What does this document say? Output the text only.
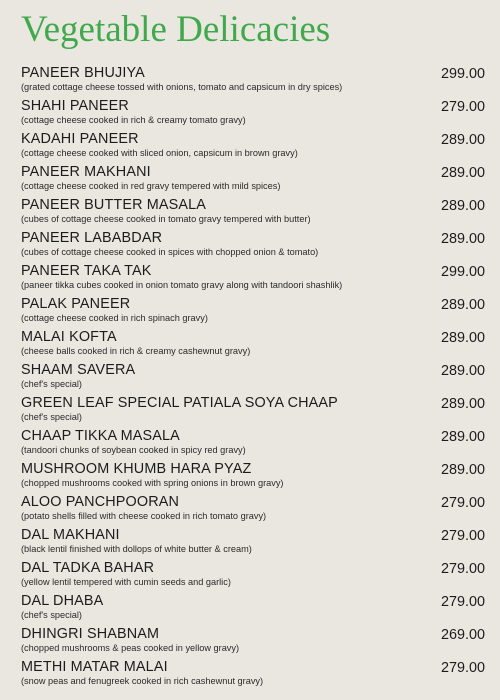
Vegetable Delicacies
PANEER BHUJIYA
(grated cottage cheese tossed with onions, tomato and capsicum in dry spices)
299.00
SHAHI PANEER
(cottage cheese cooked in rich & creamy tomato gravy)
279.00
KADAHI PANEER
(cottage cheese cooked with sliced onion, capsicum in brown gravy)
289.00
PANEER MAKHANI
(cottage cheese cooked in red gravy tempered with mild spices)
289.00
PANEER BUTTER MASALA
(cubes of cottage cheese cooked in tomato gravy tempered with butter)
289.00
PANEER LABABDAR
(cubes of cottage cheese cooked in spices with chopped onion & tomato)
289.00
PANEER TAKA TAK
(paneer tikka cubes cooked in onion tomato gravy along with tandoori shashlik)
299.00
PALAK PANEER
(cottage cheese cooked in rich spinach gravy)
289.00
MALAI KOFTA
(cheese balls cooked in rich & creamy cashewnut gravy)
289.00
SHAAM SAVERA
(chef's special)
289.00
GREEN LEAF SPECIAL PATIALA SOYA CHAAP
(chef's special)
289.00
CHAAP TIKKA MASALA
(tandoori chunks of soybean cooked in spicy red gravy)
289.00
MUSHROOM KHUMB HARA PYAZ
(chopped mushrooms cooked with spring onions in brown gravy)
289.00
ALOO PANCHPOORAN
(potato shells filled with cheese cooked in rich tomato gravy)
279.00
DAL MAKHANI
(black lentil finished with dollops of white butter & cream)
279.00
DAL TADKA BAHAR
(yellow lentil tempered with cumin seeds and garlic)
279.00
DAL DHABA
(chef's special)
279.00
DHINGRI SHABNAM
(chopped mushrooms & peas cooked in yellow gravy)
269.00
METHI MATAR MALAI
(snow peas and fenugreek cooked in rich cashewnut gravy)
279.00
